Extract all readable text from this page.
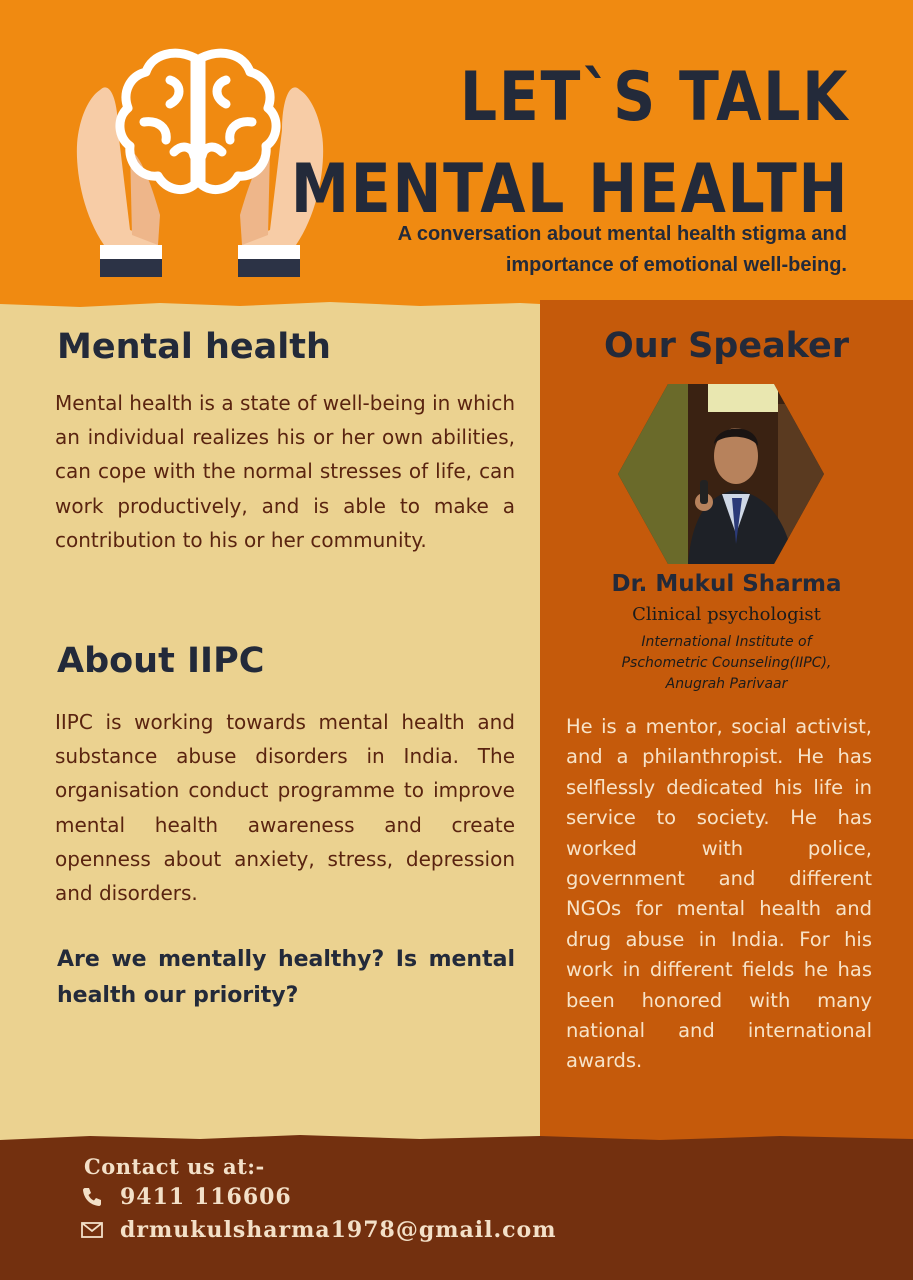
LET`S TALK
MENTAL HEALTH
A conversation about mental health stigma and importance of emotional well-being.
Mental health
Mental health is a state of well-being in which an individual realizes his or her own abilities, can cope with the normal stresses of life, can work productively, and is able to make a contribution to his or her community.
About IIPC
IIPC is working towards mental health and substance abuse disorders in India. The organisation conduct programme to improve mental health awareness and create openness about anxiety, stress, depression and disorders.
Are we mentally healthy? Is mental health our priority?
Our Speaker
Dr. Mukul Sharma
Clinical psychologist
International Institute of
Pschometric Counseling(IIPC),
Anugrah Parivaar
He is a mentor, social activist, and a philanthropist. He has selflessly dedicated his life in service to society. He has worked with police, government and different NGOs for mental health and drug abuse in India. For his work in different fields he has been honored with many national and international awards.
Contact us at:-
9411 116606
drmukulsharma1978@gmail.com
